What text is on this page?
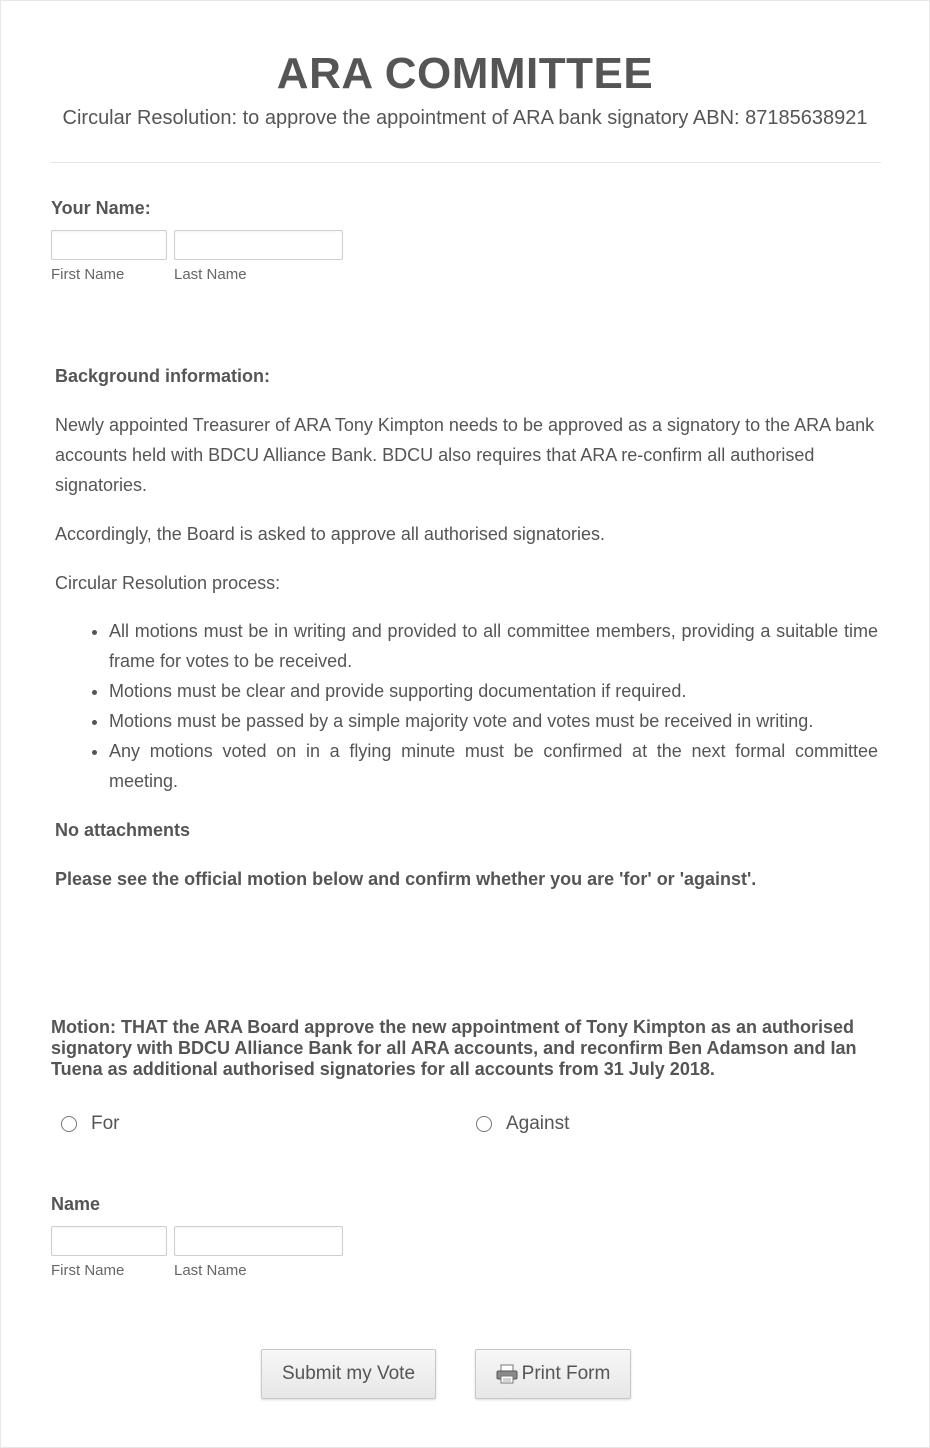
ARA COMMITTEE
Circular Resolution: to approve the appointment of ARA bank signatory ABN: 87185638921
Your Name:
First Name	Last Name

Background information:

Newly appointed Treasurer of ARA Tony Kimpton needs to be approved as a signatory to the ARA bank accounts held with BDCU Alliance Bank. BDCU also requires that ARA re-confirm all authorised signatories.

Accordingly, the Board is asked to approve all authorised signatories.

Circular Resolution process:

• All motions must be in writing and provided to all committee members, providing a suitable time frame for votes to be received.
• Motions must be clear and provide supporting documentation if required.
• Motions must be passed by a simple majority vote and votes must be received in writing.
• Any motions voted on in a flying minute must be confirmed at the next formal committee meeting.

No attachments

Please see the official motion below and confirm whether you are 'for' or 'against'.

Motion: THAT the ARA Board approve the new appointment of Tony Kimpton as an authorised signatory with BDCU Alliance Bank for all ARA accounts, and reconfirm Ben Adamson and Ian Tuena as additional authorised signatories for all accounts from 31 July 2018.
For	Against
Name
First Name	Last Name
Submit my Vote	Print Form
